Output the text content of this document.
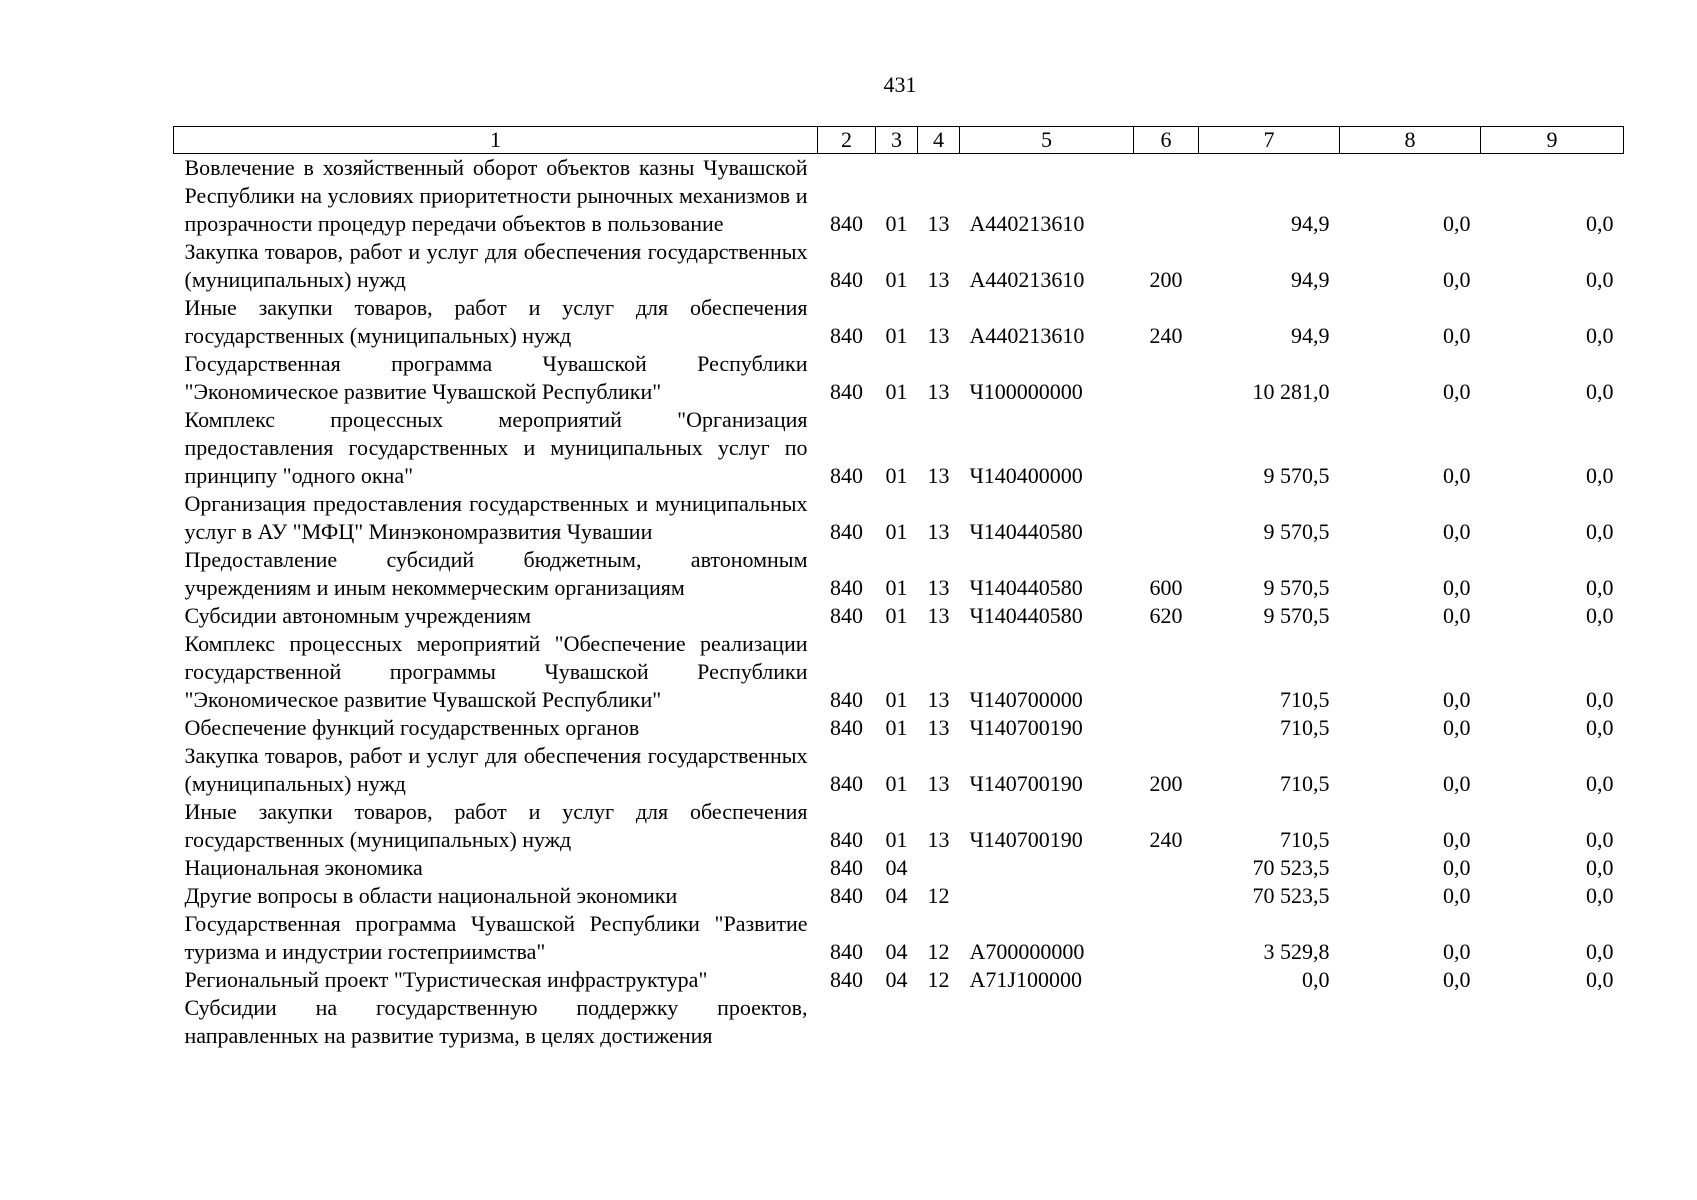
431
1	2	3	4	5	6	7	8	9
Вовлечение в хозяйственный оборот объектов казны Чувашской Республики на условиях приоритетности рыночных механизмов и прозрачности процедур передачи объектов в пользование	840	01	13	А440213610		94,9	0,0	0,0
Закупка товаров, работ и услуг для обеспечения государственных (муниципальных) нужд	840	01	13	А440213610	200	94,9	0,0	0,0
Иные закупки товаров, работ и услуг для обеспечения государственных (муниципальных) нужд	840	01	13	А440213610	240	94,9	0,0	0,0
Государственная программа Чувашской Республики "Экономическое развитие Чувашской Республики"	840	01	13	Ч100000000		10 281,0	0,0	0,0
Комплекс процессных мероприятий "Организация предоставления государственных и муниципальных услуг по принципу "одного окна"	840	01	13	Ч140400000		9 570,5	0,0	0,0
Организация предоставления государственных и муниципальных услуг в АУ "МФЦ" Минэкономразвития Чувашии	840	01	13	Ч140440580		9 570,5	0,0	0,0
Предоставление субсидий бюджетным, автономным учреждениям и иным некоммерческим организациям	840	01	13	Ч140440580	600	9 570,5	0,0	0,0
Субсидии автономным учреждениям	840	01	13	Ч140440580	620	9 570,5	0,0	0,0
Комплекс процессных мероприятий "Обеспечение реализации государственной программы Чувашской Республики "Экономическое развитие Чувашской Республики"	840	01	13	Ч140700000		710,5	0,0	0,0
Обеспечение функций государственных органов	840	01	13	Ч140700190		710,5	0,0	0,0
Закупка товаров, работ и услуг для обеспечения государственных (муниципальных) нужд	840	01	13	Ч140700190	200	710,5	0,0	0,0
Иные закупки товаров, работ и услуг для обеспечения государственных (муниципальных) нужд	840	01	13	Ч140700190	240	710,5	0,0	0,0
Национальная экономика	840	04				70 523,5	0,0	0,0
Другие вопросы в области национальной экономики	840	04	12			70 523,5	0,0	0,0
Государственная программа Чувашской Республики "Развитие туризма и индустрии гостеприимства"	840	04	12	А700000000		3 529,8	0,0	0,0
Региональный проект "Туристическая инфраструктура"	840	04	12	А71J100000		0,0	0,0	0,0
Субсидии на государственную поддержку проектов, направленных на развитие туризма, в целях достижения								
